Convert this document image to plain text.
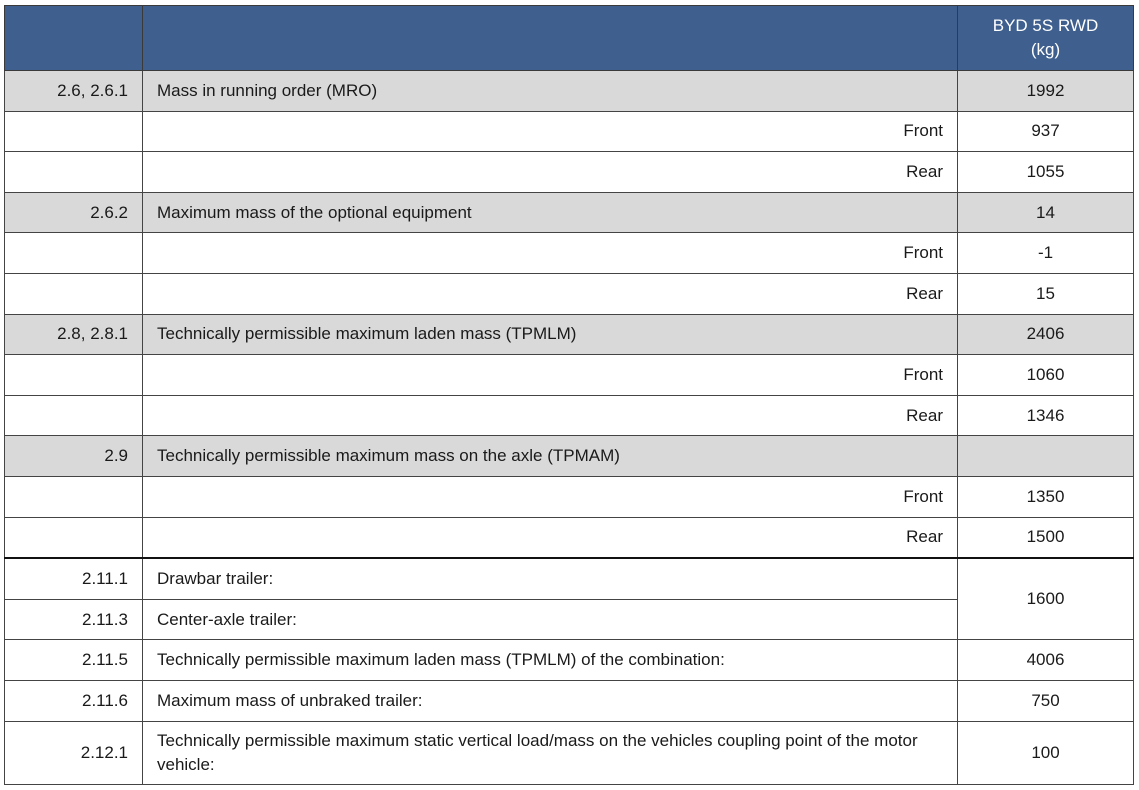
		BYD 5S RWD
(kg)

2.6, 2.6.1	Mass in running order (MRO)	1992
	Front	937
	Rear	1055
2.6.2	Maximum mass of the optional equipment	14
	Front	-1
	Rear	15
2.8, 2.8.1	Technically permissible maximum laden mass (TPMLM)	2406
	Front	1060
	Rear	1346
2.9	Technically permissible maximum mass on the axle (TPMAM)	
	Front	1350
	Rear	1500
2.11.1	Drawbar trailer:	1600
2.11.3	Center-axle trailer:	
2.11.5	Technically permissible maximum laden mass (TPMLM) of the combination:	4006
2.11.6	Maximum mass of unbraked trailer:	750
2.12.1	Technically permissible maximum static vertical load/mass on the vehicles coupling point of the motor vehicle:	100
